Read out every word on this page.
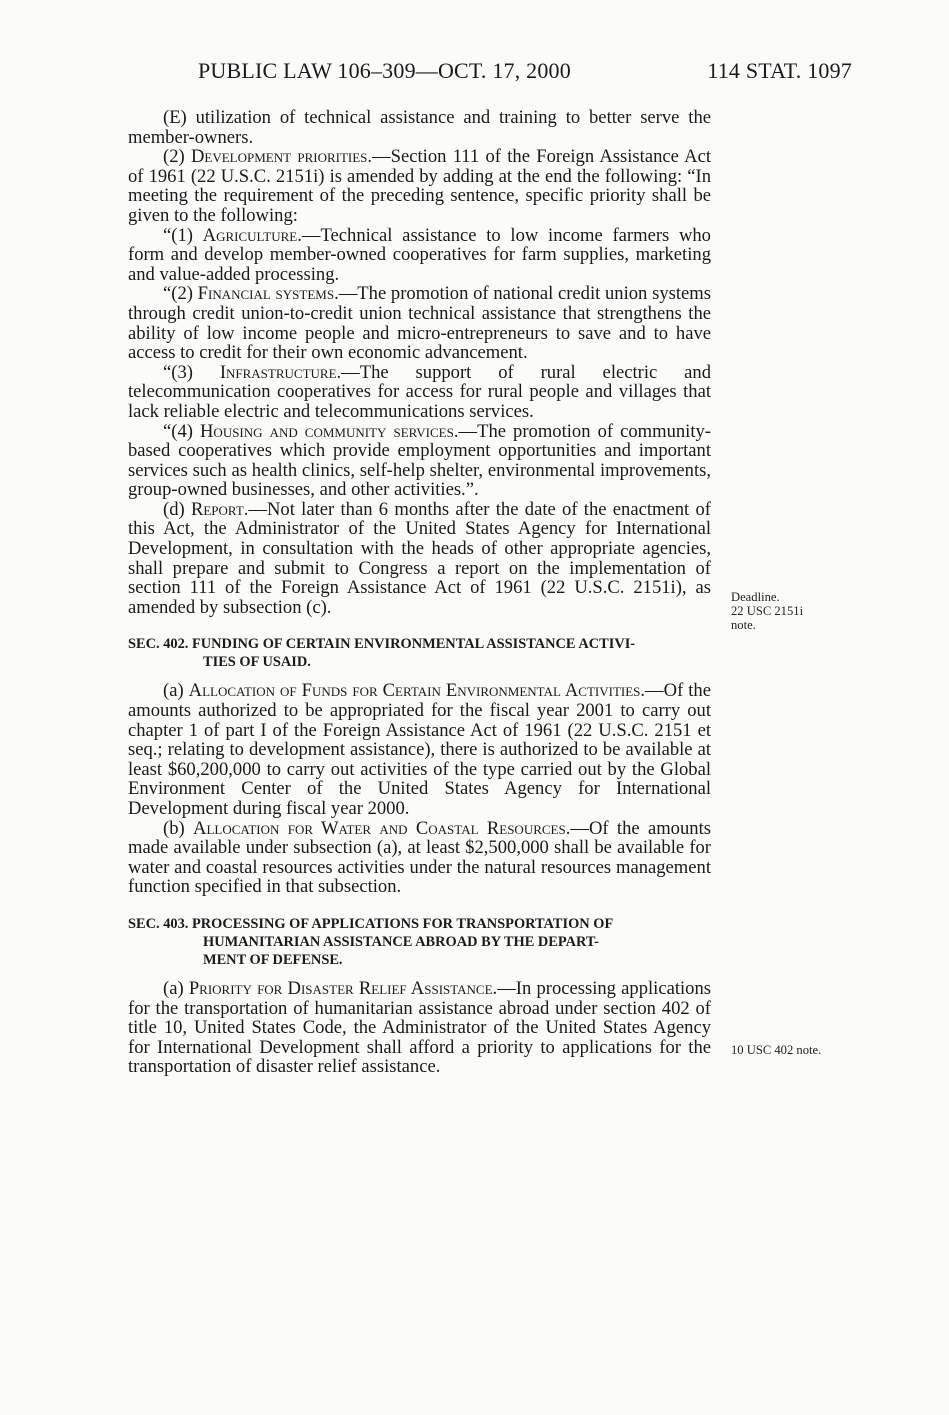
PUBLIC LAW 106–309—OCT. 17, 2000	114 STAT. 1097

(E) utilization of technical assistance and training to better serve the member-owners.

(2) Development priorities.—Section 111 of the Foreign Assistance Act of 1961 (22 U.S.C. 2151i) is amended by adding at the end the following: “In meeting the requirement of the preceding sentence, specific priority shall be given to the following:

“(1) Agriculture.—Technical assistance to low income farmers who form and develop member-owned cooperatives for farm supplies, marketing and value-added processing.

“(2) Financial systems.—The promotion of national credit union systems through credit union-to-credit union technical assistance that strengthens the ability of low income people and micro-entrepreneurs to save and to have access to credit for their own economic advancement.

“(3) Infrastructure.—The support of rural electric and telecommunication cooperatives for access for rural people and villages that lack reliable electric and telecommunications services.

“(4) Housing and community services.—The promotion of community-based cooperatives which provide employment opportunities and important services such as health clinics, self-help shelter, environmental improvements, group-owned businesses, and other activities.”.

(d) Report.—Not later than 6 months after the date of the enactment of this Act, the Administrator of the United States Agency for International Development, in consultation with the heads of other appropriate agencies, shall prepare and submit to Congress a report on the implementation of section 111 of the Foreign Assistance Act of 1961 (22 U.S.C. 2151i), as amended by subsection (c).

SEC. 402. FUNDING OF CERTAIN ENVIRONMENTAL ASSISTANCE ACTIVI-
TIES OF USAID.

(a) Allocation of Funds for Certain Environmental Activities.—Of the amounts authorized to be appropriated for the fiscal year 2001 to carry out chapter 1 of part I of the Foreign Assistance Act of 1961 (22 U.S.C. 2151 et seq.; relating to development assistance), there is authorized to be available at least $60,200,000 to carry out activities of the type carried out by the Global Environment Center of the United States Agency for International Development during fiscal year 2000.

(b) Allocation for Water and Coastal Resources.—Of the amounts made available under subsection (a), at least $2,500,000 shall be available for water and coastal resources activities under the natural resources management function specified in that subsection.

SEC. 403. PROCESSING OF APPLICATIONS FOR TRANSPORTATION OF
HUMANITARIAN ASSISTANCE ABROAD BY THE DEPART-
MENT OF DEFENSE.

(a) Priority for Disaster Relief Assistance.—In processing applications for the transportation of humanitarian assistance abroad under section 402 of title 10, United States Code, the Administrator of the United States Agency for International Development shall afford a priority to applications for the transportation of disaster relief assistance.

Deadline.
22 USC 2151i
note.
10 USC 402 note.
